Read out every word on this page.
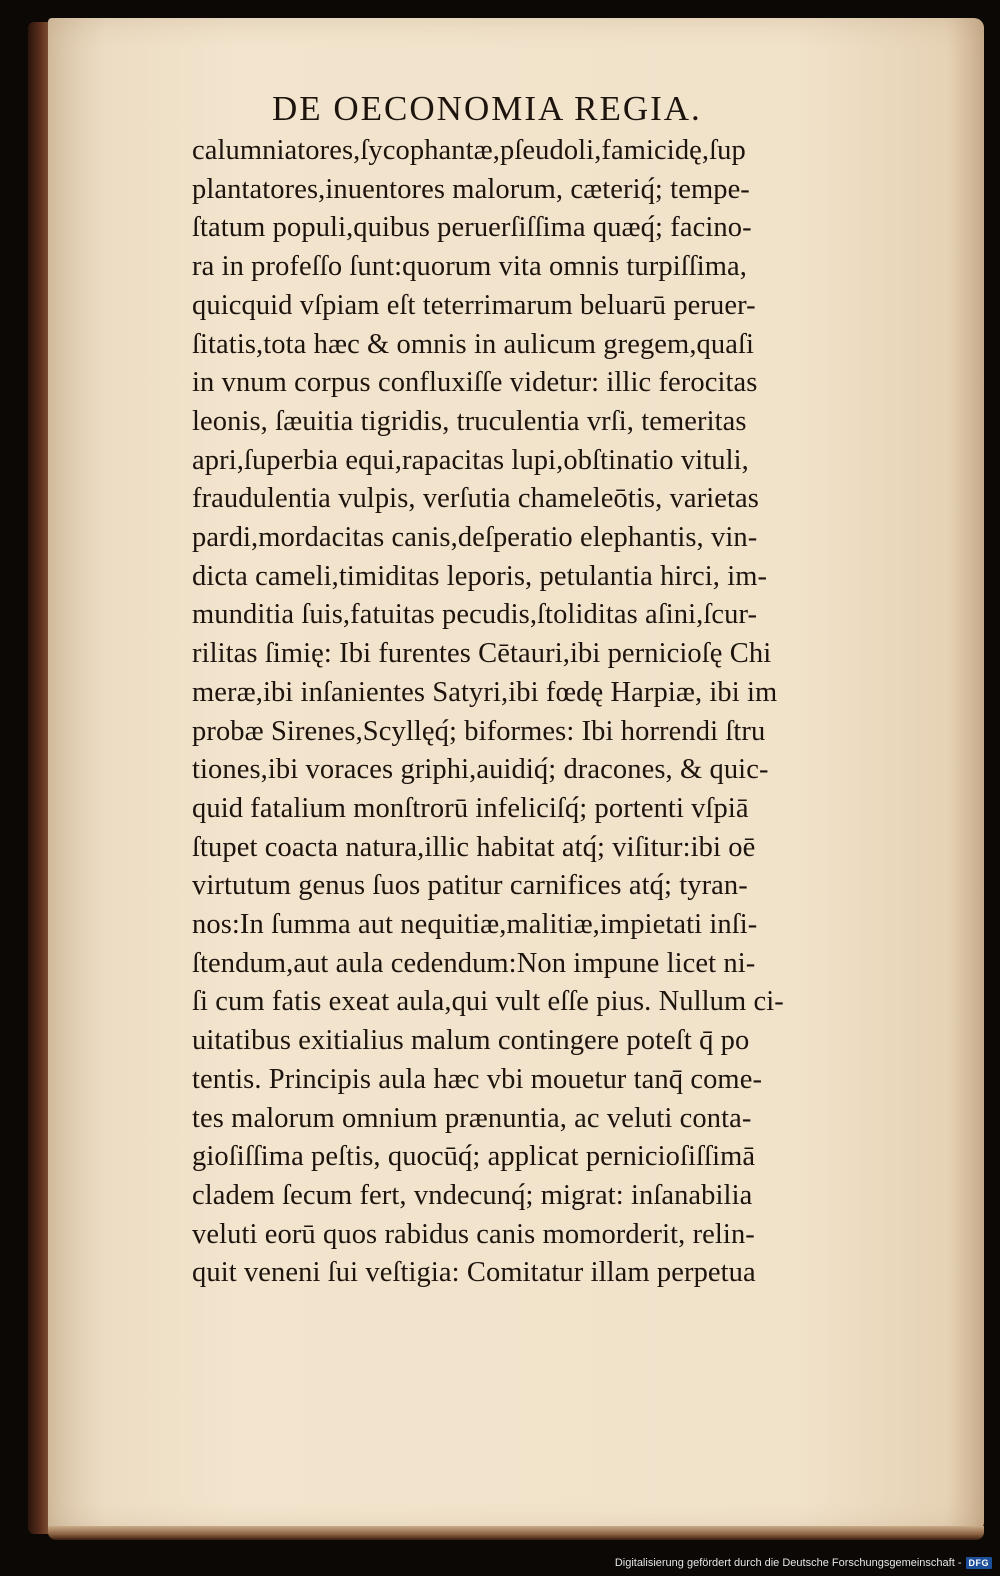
DE OECONOMIA REGIA.
calumniatores,ſycophantæ,pſeudoli,famicidę,ſup
plantatores,inuentores malorum, cæteriq́; tempe-
ſtatum populi,quibus peruerſiſſima quæq́; facino-
ra in profeſſo ſunt:quorum vita omnis turpiſſima,
quicquid vſpiam eſt teterrimarum beluarū peruer-
ſitatis,tota hæc & omnis in aulicum gregem,quaſi
in vnum corpus confluxiſſe videtur: illic ferocitas
leonis, ſæuitia tigridis, truculentia vrſi, temeritas
apri,ſuperbia equi,rapacitas lupi,obſtinatio vituli,
fraudulentia vulpis, verſutia chameleōtis, varietas
pardi,mordacitas canis,deſperatio elephantis, vin-
dicta cameli,timiditas leporis, petulantia hirci, im-
munditia ſuis,fatuitas pecudis,ſtoliditas aſini,ſcur-
rilitas ſimię: Ibi furentes Cētauri,ibi pernicioſę Chi
meræ,ibi inſanientes Satyri,ibi fœdę Harpiæ, ibi im
probæ Sirenes,Scyllęq́; biformes: Ibi horrendi ſtru
tiones,ibi voraces griphi,auidiq́; dracones, & quic-
quid fatalium monſtrorū infeliciſq́; portenti vſpiā
ſtupet coacta natura,illic habitat atq́; viſitur:ibi oē
virtutum genus ſuos patitur carnifices atq́; tyran-
nos:In ſumma aut nequitiæ,malitiæ,impietati inſi-
ſtendum,aut aula cedendum:Non impune licet ni-
ſi cum fatis exeat aula,qui vult eſſe pius. Nullum ci-
uitatibus exitialius malum contingere poteſt q̄ po
tentis. Principis aula hæc vbi mouetur tanq̄ come-
tes malorum omnium prænuntia, ac veluti conta-
gioſiſſima peſtis, quocūq́; applicat pernicioſiſſimā
cladem ſecum fert, vndecunq́; migrat: inſanabilia
veluti eorū quos rabidus canis momorderit, relin-
quit veneni ſui veſtigia: Comitatur illam perpetua
Digitalisierung gefördert durch die Deutsche Forschungsgemeinschaft - DFG
